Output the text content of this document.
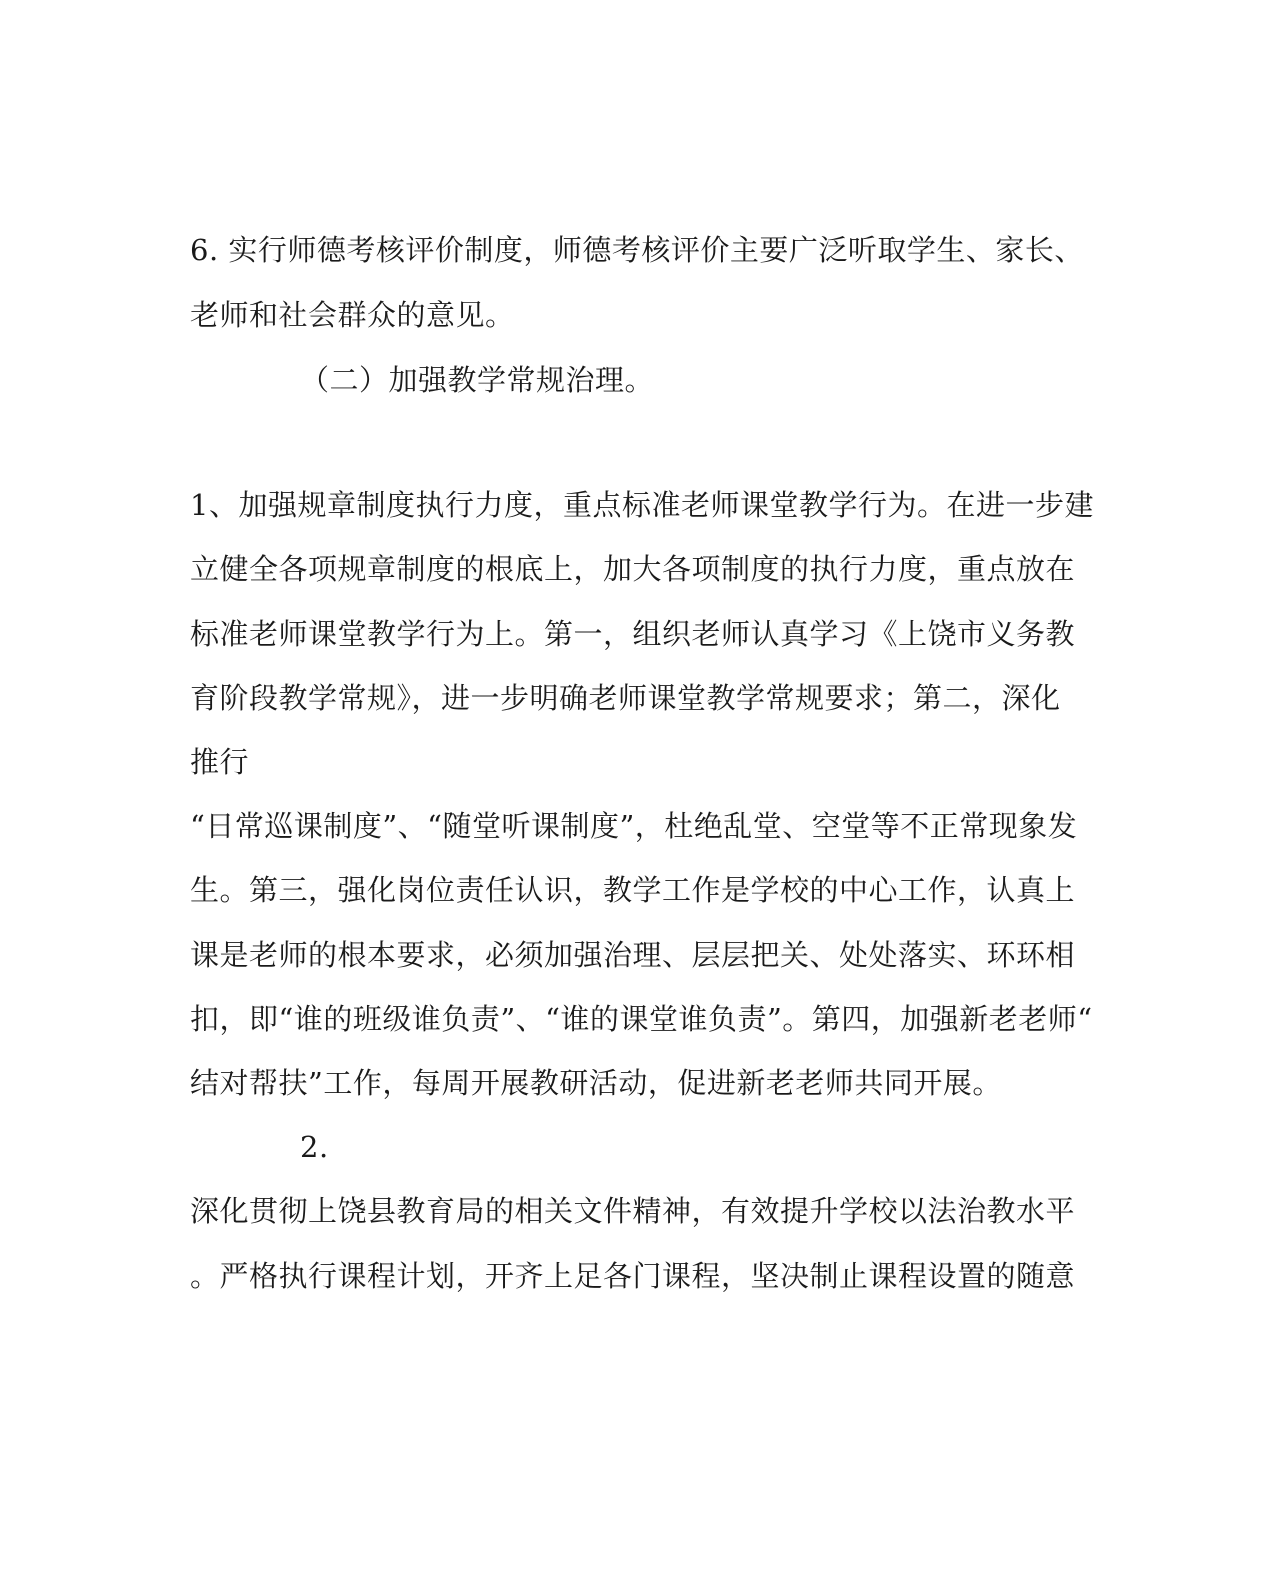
6. 实行师德考核评价制度，师德考核评价主要广泛听取学生、家长、
老师和社会群众的意见。
（二）加强教学常规治理。
1、加强规章制度执行力度，重点标准老师课堂教学行为。在进一步建
立健全各项规章制度的根底上，加大各项制度的执行力度，重点放在
标准老师课堂教学行为上。第一，组织老师认真学习《上饶市义务教
育阶段教学常规》，进一步明确老师课堂教学常规要求；第二，深化
推行
“日常巡课制度”、“随堂听课制度”，杜绝乱堂、空堂等不正常现象发
生。第三，强化岗位责任认识，教学工作是学校的中心工作，认真上
课是老师的根本要求，必须加强治理、层层把关、处处落实、环环相
扣，即“谁的班级谁负责”、“谁的课堂谁负责”。第四，加强新老老师“
结对帮扶”工作，每周开展教研活动，促进新老老师共同开展。
2.
深化贯彻上饶县教育局的相关文件精神，有效提升学校以法治教水平
。严格执行课程计划，开齐上足各门课程，坚决制止课程设置的随意
